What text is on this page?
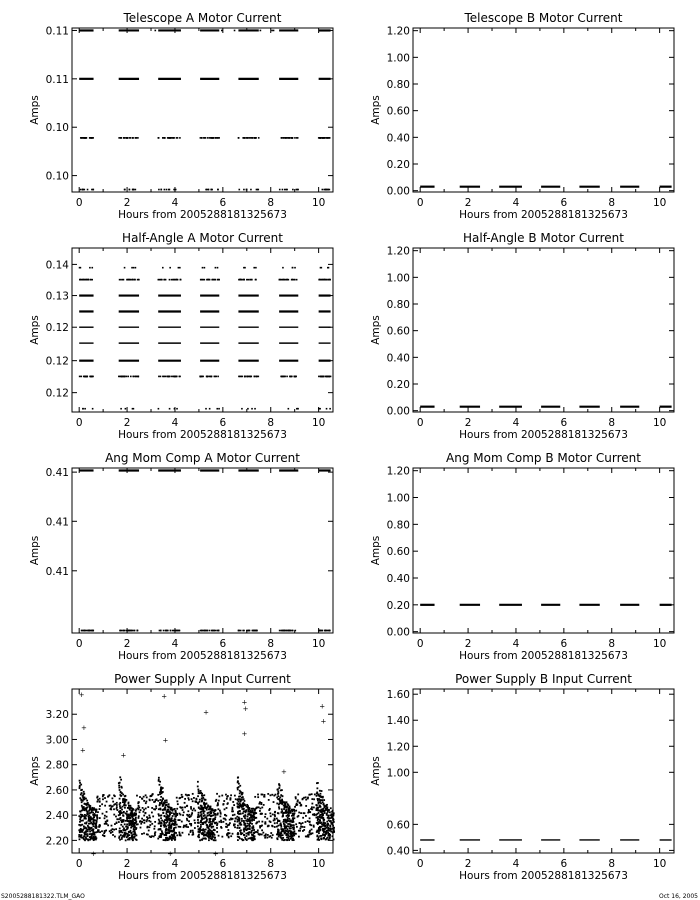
Telescope A Motor Current
Hours from 2005288181325673
Amps
0	2	4	6	8	10
0.11
0.11
0.10
0.10
Telescope B Motor Current
Hours from 2005288181325673
Amps
0	2	4	6	8	10
0.00
0.20
0.40
0.60
0.80
1.00
1.20
Half-Angle A Motor Current
Hours from 2005288181325673
Amps
0	2	4	6	8	10
0.14
0.13
0.12
0.12
0.12
Half-Angle B Motor Current
Hours from 2005288181325673
Amps
0	2	4	6	8	10
0.00
0.20
0.40
0.60
0.80
1.00
1.20
Ang Mom Comp A Motor Current
Hours from 2005288181325673
Amps
0	2	4	6	8	10
0.41
0.41
0.41
Ang Mom Comp B Motor Current
Hours from 2005288181325673
Amps
0	2	4	6	8	10
0.00
0.20
0.40
0.60
0.80
1.00
1.20
Power Supply A Input Current
Hours from 2005288181325673
Amps
0	2	4	6	8	10
2.20
2.40
2.60
2.80
3.00
3.20
+
+
+
+
+
+
+
+
+
+
+
+
+
+	+	+
Power Supply B Input Current
Hours from 2005288181325673
Amps
0	2	4	6	8	10
0.40
0.60
1.00
1.20
1.40
1.60
S2005288181322.TLM_GAO	Oct 16, 2005
